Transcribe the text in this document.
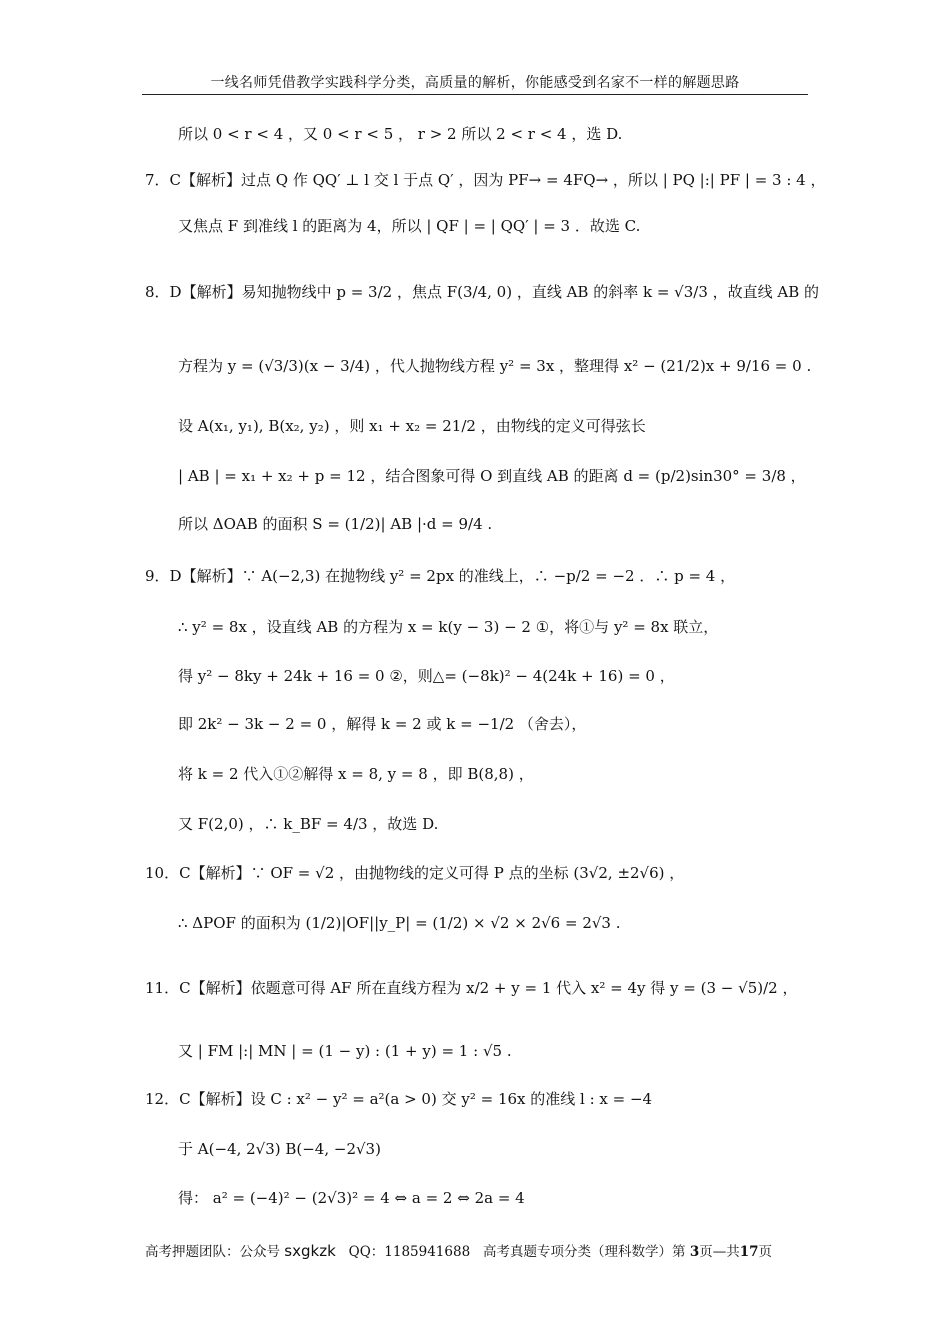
一线名师凭借教学实践科学分类，高质量的解析，你能感受到名家不一样的解题思路
所以 0 < r < 4 ，又 0 < r < 5 ， r > 2 所以 2 < r < 4 ，选 D.
7．C【解析】过点 Q 作 QQ′ ⊥ l 交 l 于点 Q′ ，因为 PF→ = 4FQ→ ，所以 | PQ |:| PF | = 3 : 4 ，
又焦点 F 到准线 l 的距离为 4，所以 | QF | = | QQ′ | = 3 ．故选 C.
8．D【解析】易知抛物线中 p = 3/2 ，焦点 F(3/4, 0) ，直线 AB 的斜率 k = √3/3 ，故直线 AB 的
方程为 y = (√3/3)(x − 3/4) ，代人抛物线方程 y² = 3x ，整理得 x² − (21/2)x + 9/16 = 0 .
设 A(x₁, y₁), B(x₂, y₂) ，则 x₁ + x₂ = 21/2 ，由物线的定义可得弦长
| AB | = x₁ + x₂ + p = 12 ，结合图象可得 O 到直线 AB 的距离 d = (p/2)sin30° = 3/8 ，
所以 ΔOAB 的面积 S = (1/2)| AB |·d = 9/4 .
9．D【解析】∵ A(−2,3) 在抛物线 y² = 2px 的准线上，∴ −p/2 = −2 ．∴ p = 4 ，
∴ y² = 8x ，设直线 AB 的方程为 x = k(y − 3) − 2 ①，将①与 y² = 8x 联立，
得 y² − 8ky + 24k + 16 = 0 ②，则△= (−8k)² − 4(24k + 16) = 0 ，
即 2k² − 3k − 2 = 0 ，解得 k = 2 或 k = −1/2 （舍去），
将 k = 2 代入①②解得 x = 8, y = 8 ，即 B(8,8) ，
又 F(2,0) ，∴ k_BF = 4/3 ，故选 D.
10．C【解析】∵ OF = √2 ，由抛物线的定义可得 P 点的坐标 (3√2, ±2√6) ，
∴ ΔPOF 的面积为 (1/2)|OF||y_P| = (1/2) × √2 × 2√6 = 2√3 .
11．C【解析】依题意可得 AF 所在直线方程为 x/2 + y = 1 代入 x² = 4y 得 y = (3 − √5)/2 ，
又 | FM |:| MN | = (1 − y) : (1 + y) = 1 : √5 .
12．C【解析】设 C : x² − y² = a²(a > 0) 交 y² = 16x 的准线 l : x = −4
于 A(−4, 2√3) B(−4, −2√3)
得： a² = (−4)² − (2√3)² = 4 ⇔ a = 2 ⇔ 2a = 4
高考押题团队：公众号 sxgkzk QQ：1185941688 高考真题专项分类（理科数学）第 3页—共17页
